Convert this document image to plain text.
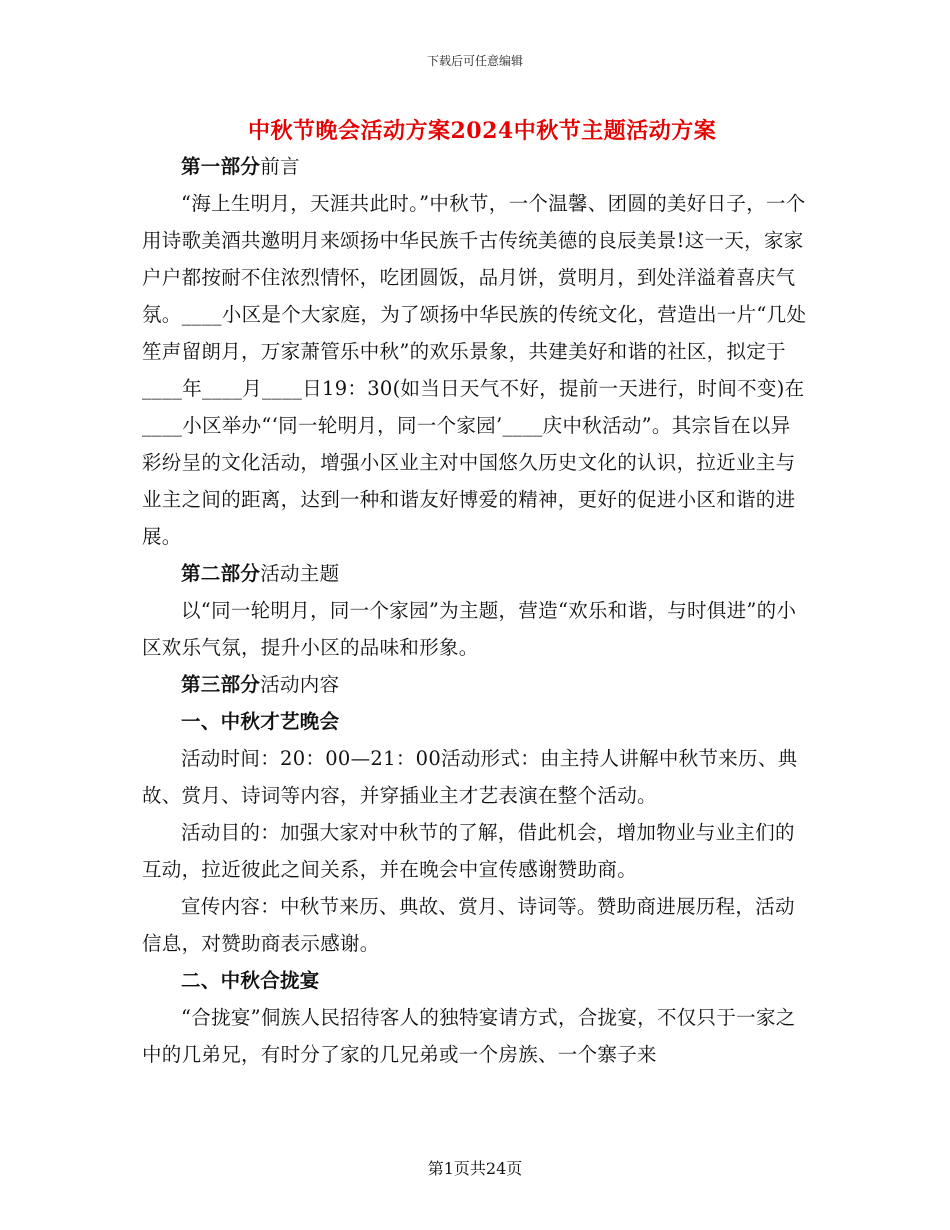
下载后可任意编辑
中秋节晚会活动方案2024中秋节主题活动方案

第一部分前言

“海上生明月，天涯共此时。”中秋节，一个温馨、团圆的美好日子，一个用诗歌美酒共邀明月来颂扬中华民族千古传统美德的良辰美景!这一天，家家户户都按耐不住浓烈情怀，吃团圆饭，品月饼，赏明月，到处洋溢着喜庆气氛。____小区是个大家庭，为了颂扬中华民族的传统文化，营造出一片“几处笙声留朗月，万家萧管乐中秋”的欢乐景象，共建美好和谐的社区，拟定于____年____月____日19：30(如当日天气不好，提前一天进行，时间不变)在____小区举办“‘同一轮明月，同一个家园’____庆中秋活动”。其宗旨在以异彩纷呈的文化活动，增强小区业主对中国悠久历史文化的认识，拉近业主与业主之间的距离，达到一种和谐友好博爱的精神，更好的促进小区和谐的进展。

第二部分活动主题

以“同一轮明月，同一个家园”为主题，营造“欢乐和谐，与时俱进”的小区欢乐气氛，提升小区的品味和形象。

第三部分活动内容

一、中秋才艺晚会

活动时间：20：00—21：00活动形式：由主持人讲解中秋节来历、典故、赏月、诗词等内容，并穿插业主才艺表演在整个活动。

活动目的：加强大家对中秋节的了解，借此机会，增加物业与业主们的互动，拉近彼此之间关系，并在晚会中宣传感谢赞助商。

宣传内容：中秋节来历、典故、赏月、诗词等。赞助商进展历程，活动信息，对赞助商表示感谢。

二、中秋合拢宴

“合拢宴”侗族人民招待客人的独特宴请方式，合拢宴，不仅只于一家之中的几弟兄，有时分了家的几兄弟或一个房族、一个寨子来

第1页共24页
